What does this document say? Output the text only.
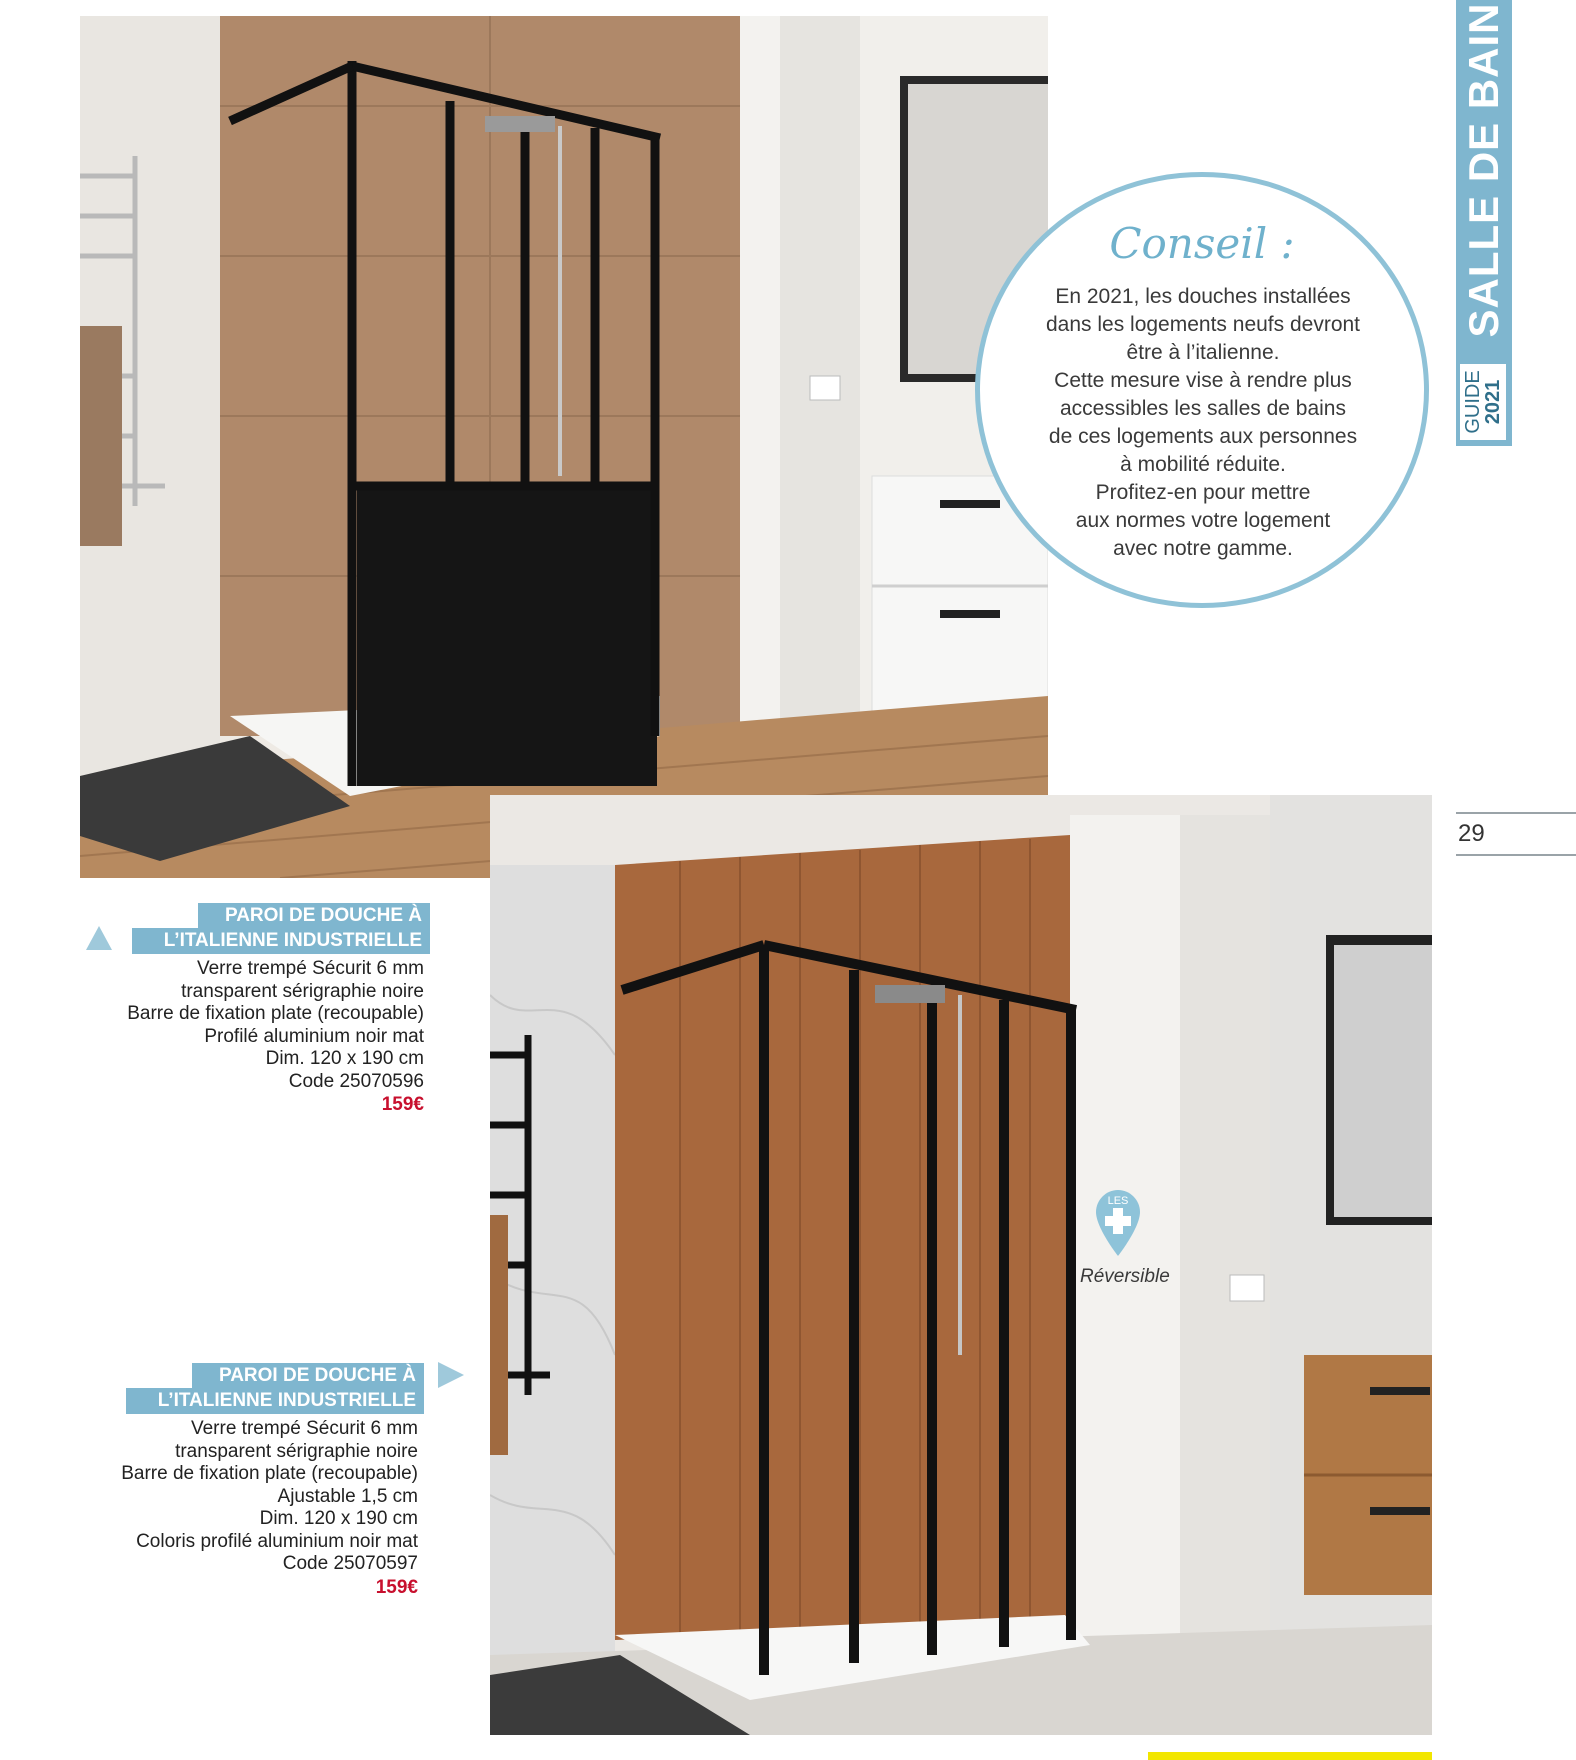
SALLE DE BAIN
GUIDE
2021
29
Conseil :

En 2021, les douches installées

dans les logements neufs devront

être à l’italienne.

Cette mesure vise à rendre plus

accessibles les salles de bains

de ces logements aux personnes

à mobilité réduite.

Profitez-en pour mettre

aux normes votre logement

avec notre gamme.

PAROI DE DOUCHE À
L’ITALIENNE INDUSTRIELLE
Verre trempé Sécurit 6 mm
transparent sérigraphie noire
Barre de fixation plate (recoupable)
Profilé aluminium noir mat
Dim. 120 x 190 cm
Code 25070596
159€
PAROI DE DOUCHE À
L’ITALIENNE INDUSTRIELLE
Verre trempé Sécurit 6 mm
transparent sérigraphie noire
Barre de fixation plate (recoupable)
Ajustable 1,5 cm
Dim. 120 x 190 cm
Coloris profilé aluminium noir mat
Code 25070597
159€
LES
Réversible
